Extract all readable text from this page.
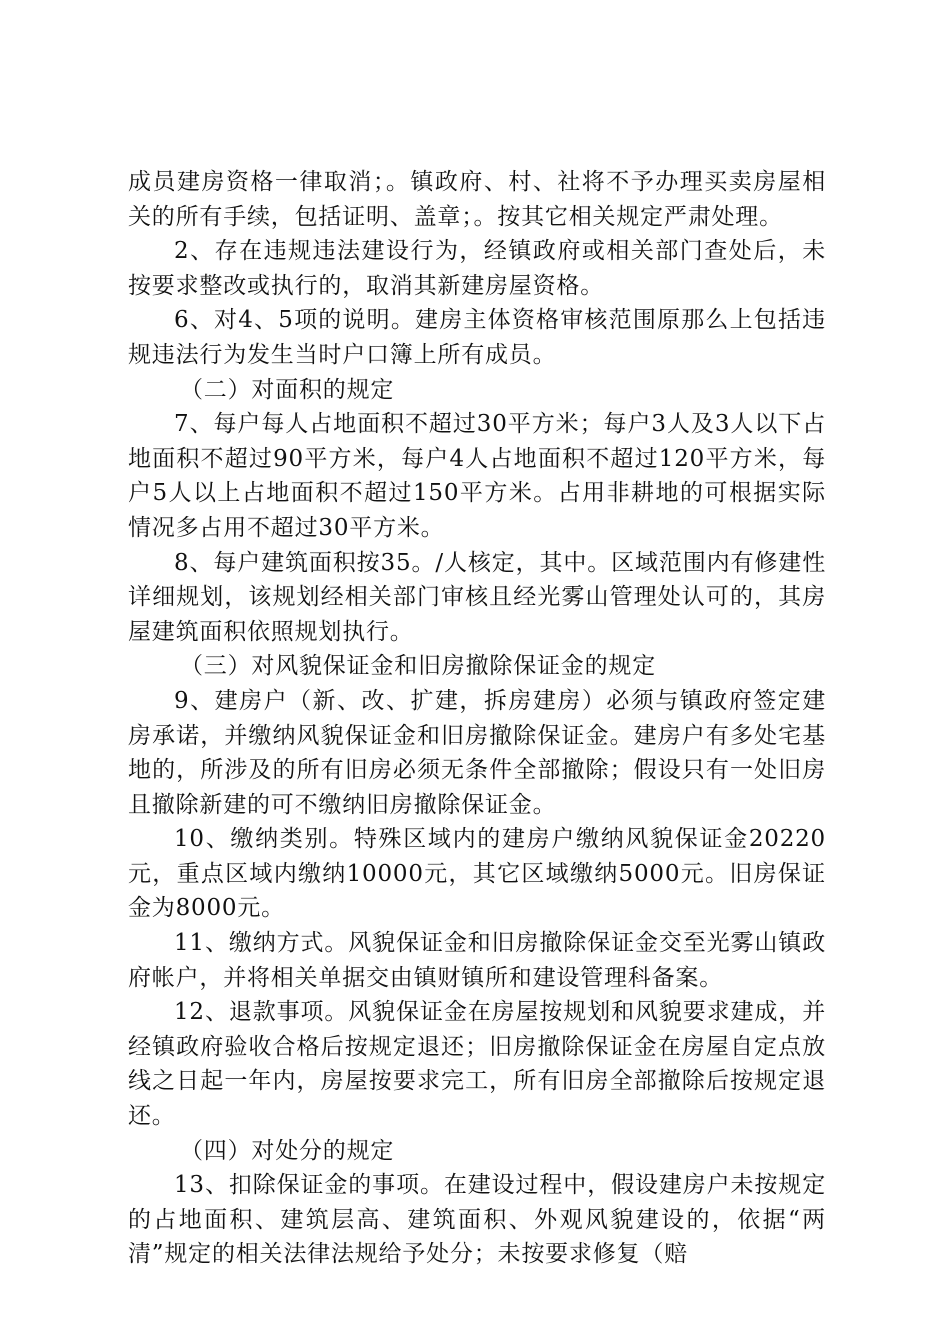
成员建房资格一律取消；。镇政府、村、社将不予办理买卖房屋相关的所有手续，包括证明、盖章；。按其它相关规定严肃处理。

2、存在违规违法建设行为，经镇政府或相关部门查处后，未按要求整改或执行的，取消其新建房屋资格。

6、对4、5项的说明。建房主体资格审核范围原那么上包括违规违法行为发生当时户口簿上所有成员。

（二）对面积的规定

7、每户每人占地面积不超过30平方米；每户3人及3人以下占地面积不超过90平方米，每户4人占地面积不超过120平方米，每户5人以上占地面积不超过150平方米。占用非耕地的可根据实际情况多占用不超过30平方米。

8、每户建筑面积按35。/人核定，其中。区域范围内有修建性详细规划，该规划经相关部门审核且经光雾山管理处认可的，其房屋建筑面积依照规划执行。

（三）对风貌保证金和旧房撤除保证金的规定

9、建房户（新、改、扩建，拆房建房）必须与镇政府签定建房承诺，并缴纳风貌保证金和旧房撤除保证金。建房户有多处宅基地的，所涉及的所有旧房必须无条件全部撤除；假设只有一处旧房且撤除新建的可不缴纳旧房撤除保证金。

10、缴纳类别。特殊区域内的建房户缴纳风貌保证金20220元，重点区域内缴纳10000元，其它区域缴纳5000元。旧房保证金为8000元。

11、缴纳方式。风貌保证金和旧房撤除保证金交至光雾山镇政府帐户，并将相关单据交由镇财镇所和建设管理科备案。

12、退款事项。风貌保证金在房屋按规划和风貌要求建成，并经镇政府验收合格后按规定退还；旧房撤除保证金在房屋自定点放线之日起一年内，房屋按要求完工，所有旧房全部撤除后按规定退还。

（四）对处分的规定

13、扣除保证金的事项。在建设过程中，假设建房户未按规定的占地面积、建筑层高、建筑面积、外观风貌建设的，依据“两清”规定的相关法律法规给予处分；未按要求修复（赔
